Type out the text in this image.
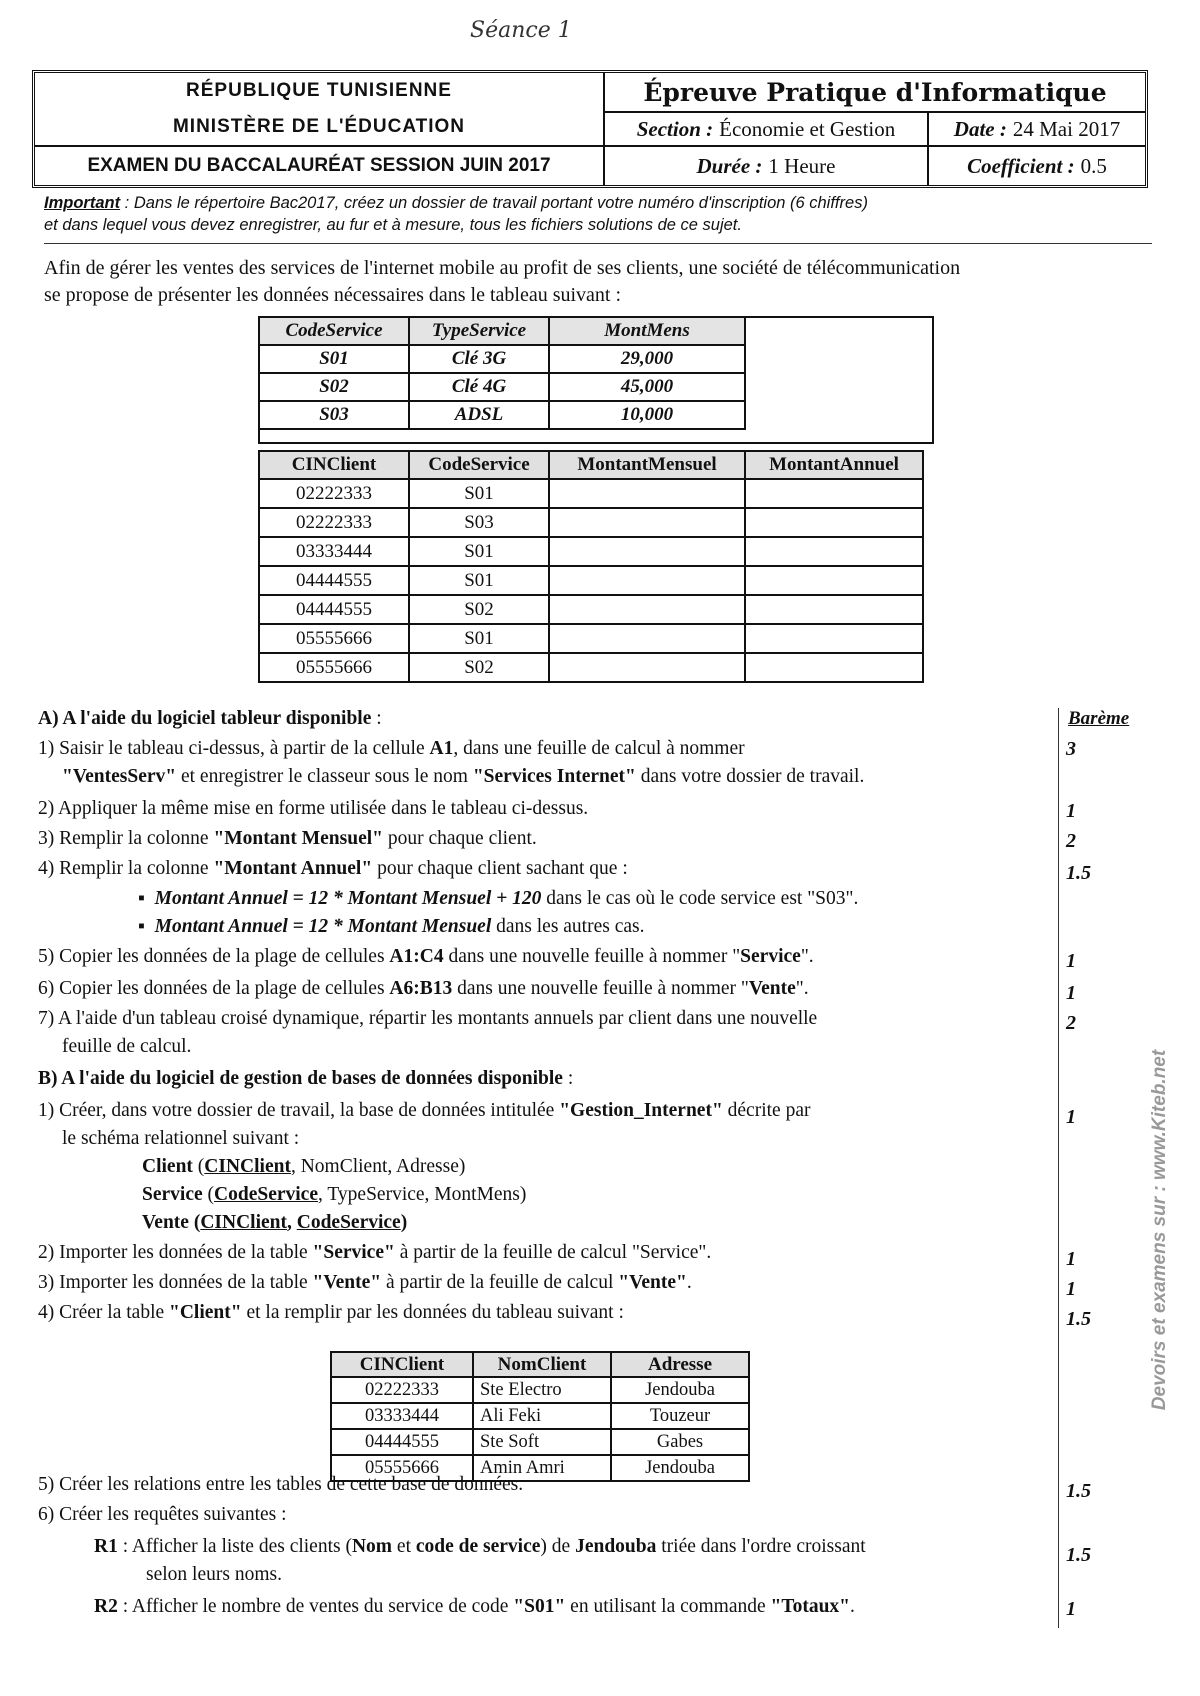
Séance 1
RÉPUBLIQUE TUNISIENNE
MINISTÈRE DE L'ÉDUCATION
EXAMEN DU BACCALAURÉAT SESSION JUIN 2017
Épreuve Pratique d'Informatique
Section : Économie et Gestion	Date : 24 Mai 2017
Durée : 1 Heure	Coefficient : 0.5
Important : Dans le répertoire Bac2017, créez un dossier de travail portant votre numéro d'inscription (6 chiffres)
et dans lequel vous devez enregistrer, au fur et à mesure, tous les fichiers solutions de ce sujet.
Afin de gérer les ventes des services de l'internet mobile au profit de ses clients, une société de télécommunication
se propose de présenter les données nécessaires dans le tableau suivant :
CodeService	TypeService	MontMens
S01	Clé 3G	29,000
S02	Clé 4G	45,000
S03	ADSL	10,000
CINClient	CodeService	MontantMensuel	MontantAnnuel
02222333	S01		
02222333	S03		
03333444	S01		
04444555	S01		
04444555	S02		
05555666	S01		
05555666	S02		
Barème
3
1
2
1.5
1
1
2
1
1
1
1.5
1.5
1.5
1
A) A l'aide du logiciel tableur disponible :
1) Saisir le tableau ci-dessus, à partir de la cellule A1, dans une feuille de calcul à nommer
"VentesServ" et enregistrer le classeur sous le nom "Services Internet" dans votre dossier de travail.
2) Appliquer la même mise en forme utilisée dans le tableau ci-dessus.
3) Remplir la colonne "Montant Mensuel" pour chaque client.
4) Remplir la colonne "Montant Annuel" pour chaque client sachant que :
▪  Montant Annuel = 12 * Montant Mensuel + 120 dans le cas où le code service est "S03".
▪  Montant Annuel = 12 * Montant Mensuel dans les autres cas.
5) Copier les données de la plage de cellules A1:C4 dans une nouvelle feuille à nommer "Service".
6) Copier les données de la plage de cellules A6:B13 dans une nouvelle feuille à nommer "Vente".
7) A l'aide d'un tableau croisé dynamique, répartir les montants annuels par client dans une nouvelle
feuille de calcul.
B) A l'aide du logiciel de gestion de bases de données disponible :
1) Créer, dans votre dossier de travail, la base de données intitulée "Gestion_Internet" décrite par
le schéma relationnel suivant :
Client (CINClient, NomClient, Adresse)
Service (CodeService, TypeService, MontMens)
Vente (CINClient, CodeService)
2) Importer les données de la table "Service" à partir de la feuille de calcul "Service".
3) Importer les données de la table "Vente" à partir de la feuille de calcul "Vente".
4) Créer la table "Client" et la remplir par les données du tableau suivant :
5) Créer les relations entre les tables de cette base de données.
6) Créer les requêtes suivantes :
R1 : Afficher la liste des clients (Nom et code de service) de Jendouba triée dans l'ordre croissant
selon leurs noms.
R2 : Afficher le nombre de ventes du service de code "S01" en utilisant la commande "Totaux".
CINClient	NomClient	Adresse
02222333	Ste Electro	Jendouba
03333444	Ali Feki	Touzeur
04444555	Ste Soft	Gabes
05555666	Amin Amri	Jendouba
Devoirs et examens sur : www.Kiteb.net
